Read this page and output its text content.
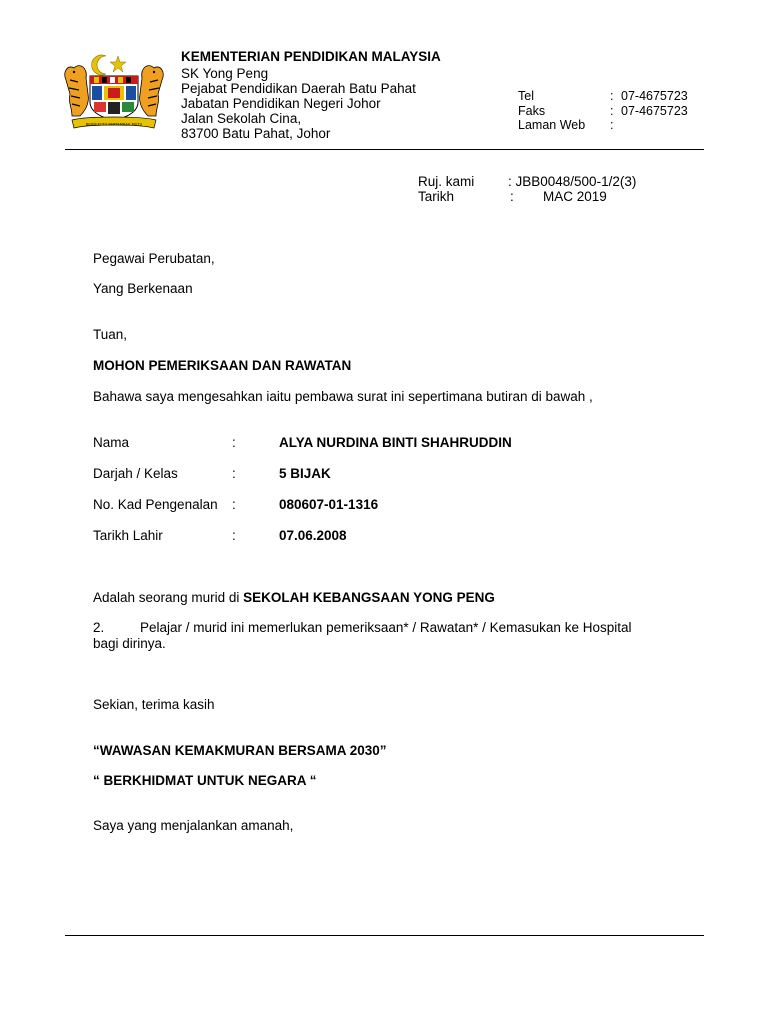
BERSEKUTU BERTAMBAH MUTU
KEMENTERIAN PENDIDIKAN MALAYSIA
SK Yong Peng
Pejabat Pendidikan Daerah Batu Pahat
Jabatan Pendidikan Negeri Johor
Jalan Sekolah Cina,
83700 Batu Pahat, Johor
Tel	: 07-4675723
Faks	: 07-4675723
Laman Web :
Ruj. kami : JBB0048/500-1/2(3)
Tarikh	: MAC 2019
Pegawai Perubatan,
Yang Berkenaan
Tuan,
MOHON PEMERIKSAAN DAN RAWATAN
Bahawa saya mengesahkan iaitu pembawa surat ini sepertimana butiran di bawah ,
Nama	:	ALYA NURDINA BINTI SHAHRUDDIN
Darjah / Kelas	:	5 BIJAK
No. Kad Pengenalan :	080607-01-1316
Tarikh Lahir	:	07.06.2008
Adalah seorang murid di SEKOLAH KEBANGSAAN YONG PENG
2.	Pelajar / murid ini memerlukan pemeriksaan* / Rawatan* / Kemasukan ke Hospital
bagi dirinya.
Sekian, terima kasih
“WAWASAN KEMAKMURAN BERSAMA 2030”
“ BERKHIDMAT UNTUK NEGARA “
Saya yang menjalankan amanah,
